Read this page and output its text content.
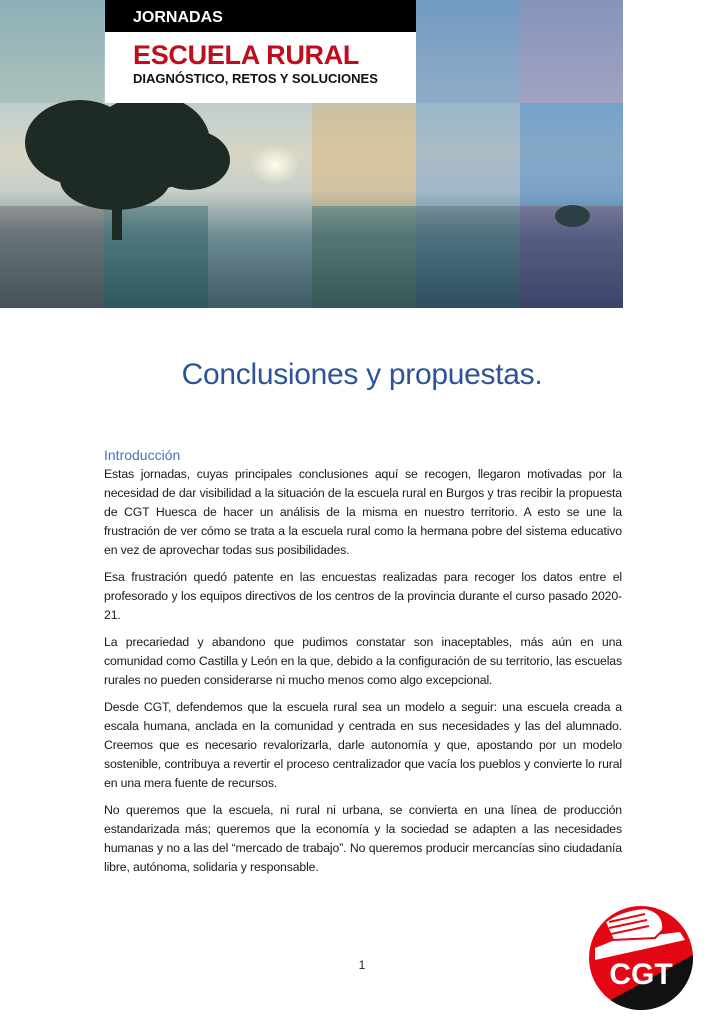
JORNADAS
ESCUELA RURAL
DIAGNÓSTICO, RETOS Y SOLUCIONES
Conclusiones y propuestas.
Introducción

Estas jornadas, cuyas principales conclusiones aquí se recogen, llegaron motivadas por la necesidad de dar visibilidad a la situación de la escuela rural en Burgos y tras recibir la propuesta de CGT Huesca de hacer un análisis de la misma en nuestro territorio. A esto se une la frustración de ver cómo se trata a la escuela rural como la hermana pobre del sistema educativo en vez de aprovechar todas sus posibilidades.

Esa frustración quedó patente en las encuestas realizadas para recoger los datos entre el profesorado y los equipos directivos de los centros de la provincia durante el curso pasado 2020-21.

La precariedad y abandono que pudimos constatar son inaceptables, más aún en una comunidad como Castilla y León en la que, debido a la configuración de su territorio, las escuelas rurales no pueden considerarse ni mucho menos como algo excepcional.

Desde CGT, defendemos que la escuela rural sea un modelo a seguir: una escuela creada a escala humana, anclada en la comunidad y centrada en sus necesidades y las del alumnado. Creemos que es necesario revalorizarla, darle autonomía y que, apostando por un modelo sostenible, contribuya a revertir el proceso centralizador que vacía los pueblos y convierte lo rural en una mera fuente de recursos.

No queremos que la escuela, ni rural ni urbana, se convierta en una línea de producción estandarizada más; queremos que la economía y la sociedad se adapten a las necesidades humanas y no a las del “mercado de trabajo”. No queremos producir mercancías sino ciudadanía libre, autónoma, solidaria y responsable.

1	CGT
